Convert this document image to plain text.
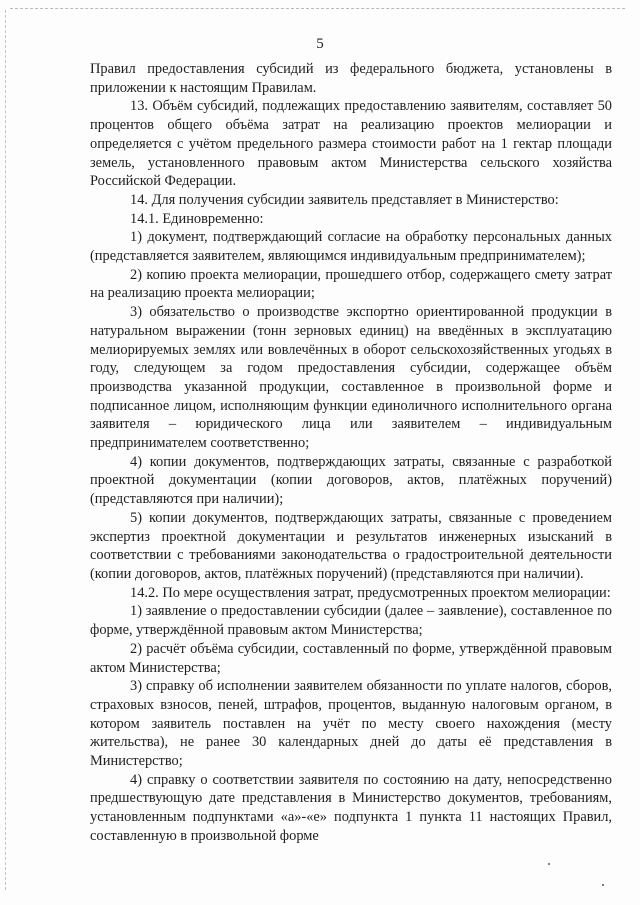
5

Правил предоставления субсидий из федерального бюджета, установлены в приложении к настоящим Правилам.

13. Объём субсидий, подлежащих предоставлению заявителям, составляет 50 процентов общего объёма затрат на реализацию проектов мелиорации и определяется с учётом предельного размера стоимости работ на 1 гектар площади земель, установленного правовым актом Министерства сельского хозяйства Российской Федерации.

14. Для получения субсидии заявитель представляет в Министерство:

14.1. Единовременно:

1) документ, подтверждающий согласие на обработку персональных данных (представляется заявителем, являющимся индивидуальным предпринимателем);

2) копию проекта мелиорации, прошедшего отбор, содержащего смету затрат на реализацию проекта мелиорации;

3) обязательство о производстве экспортно ориентированной продукции в натуральном выражении (тонн зерновых единиц) на введённых в эксплуатацию мелиорируемых землях или вовлечённых в оборот сельскохозяйственных угодьях в году, следующем за годом предоставления субсидии, содержащее объём производства указанной продукции, составленное в произвольной форме и подписанное лицом, исполняющим функции единоличного исполнительного органа заявителя – юридического лица или заявителем – индивидуальным предпринимателем соответственно;

4) копии документов, подтверждающих затраты, связанные с разработкой проектной документации (копии договоров, актов, платёжных поручений) (представляются при наличии);

5) копии документов, подтверждающих затраты, связанные с проведением экспертиз проектной документации и результатов инженерных изысканий в соответствии с требованиями законодательства о градостроительной деятельности (копии договоров, актов, платёжных поручений) (представляются при наличии).

14.2. По мере осуществления затрат, предусмотренных проектом мелиорации:

1) заявление о предоставлении субсидии (далее – заявление), составленное по форме, утверждённой правовым актом Министерства;

2) расчёт объёма субсидии, составленный по форме, утверждённой правовым актом Министерства;

3) справку об исполнении заявителем обязанности по уплате налогов, сборов, страховых взносов, пеней, штрафов, процентов, выданную налоговым органом, в котором заявитель поставлен на учёт по месту своего нахождения (месту жительства), не ранее 30 календарных дней до даты её представления в Министерство;

4) справку о соответствии заявителя по состоянию на дату, непосредственно предшествующую дате представления в Министерство документов, требованиям, установленным подпунктами «а»-«е» подпункта 1 пункта 11 настоящих Правил, составленную в произвольной форме
